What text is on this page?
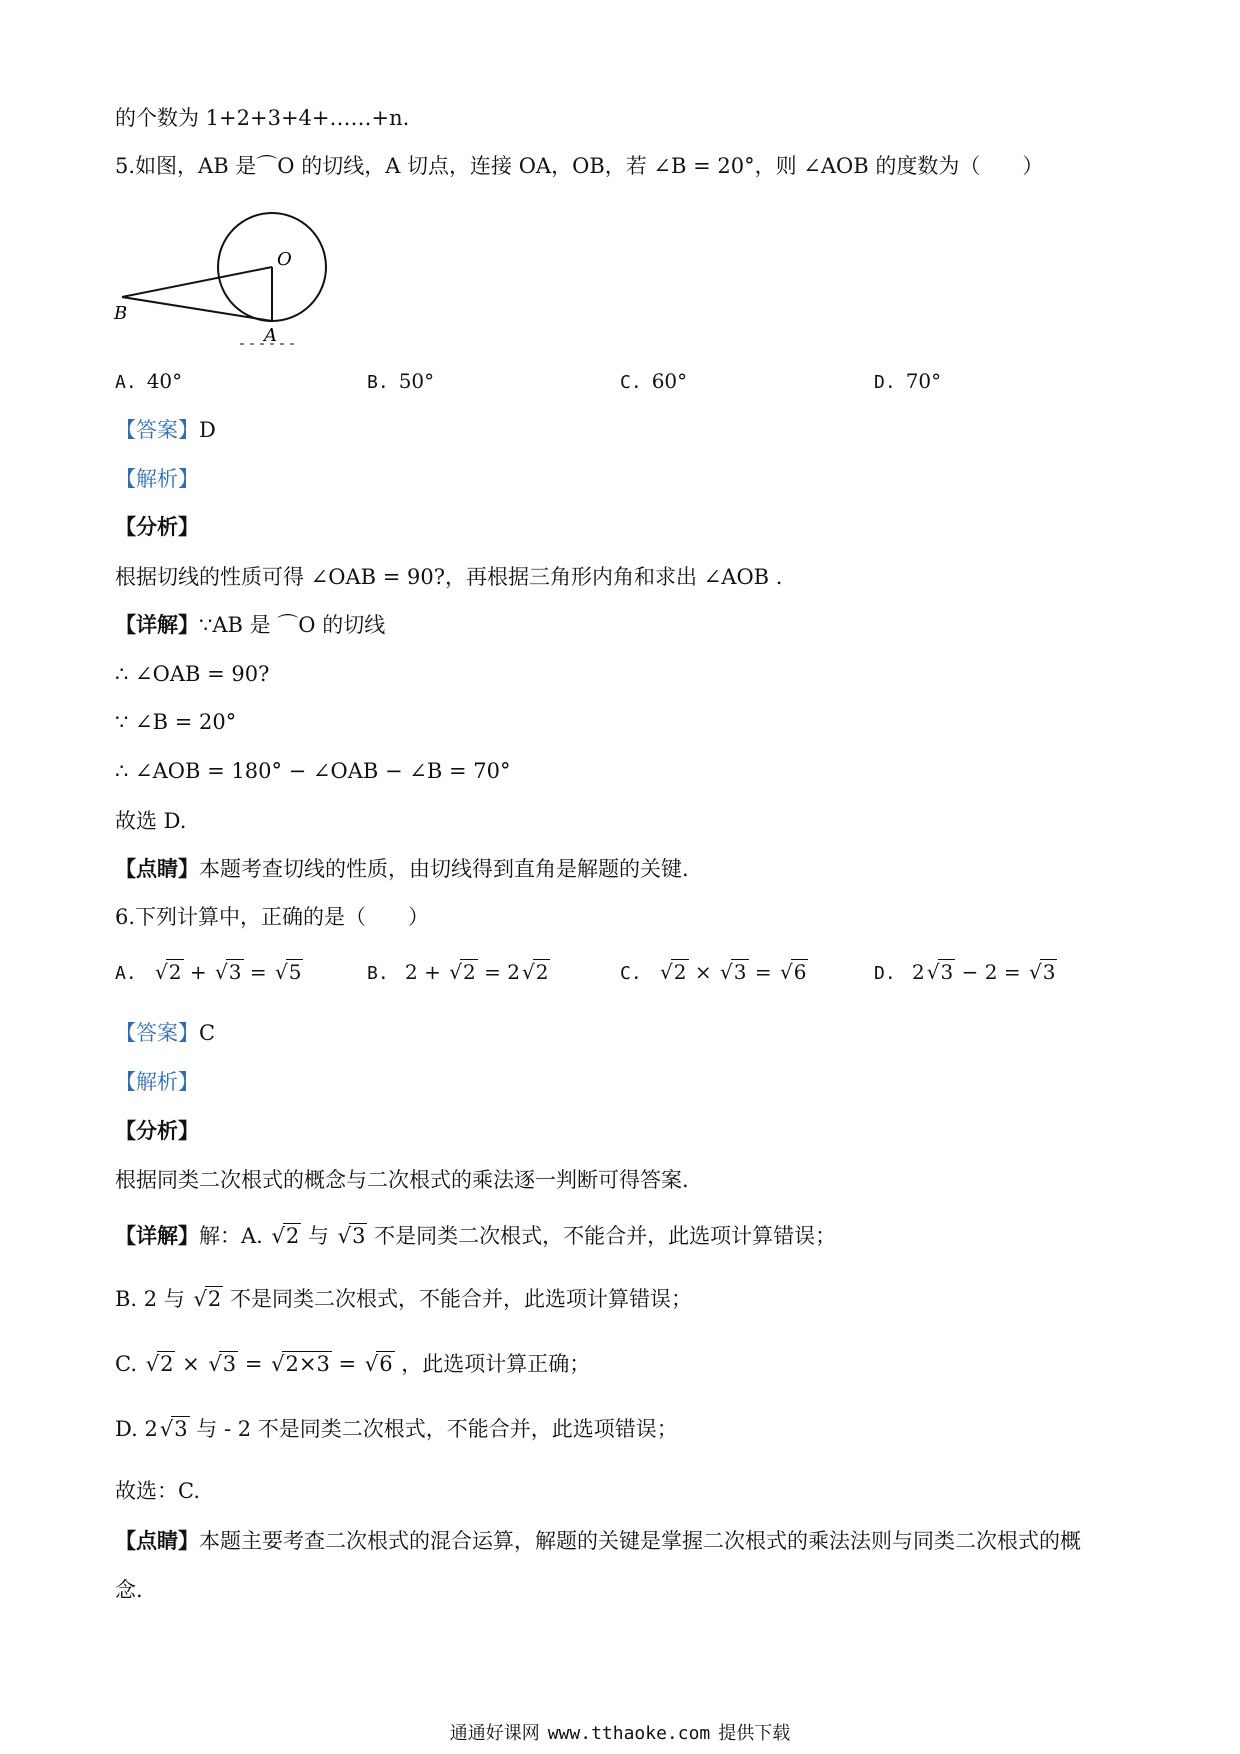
的个数为 1+2+3+4+……+n.
5.如图，AB 是⌒O 的切线，A 切点，连接 OA，OB，若 ∠B = 20°，则 ∠AOB 的度数为（　　）
O
A
B
A. 40°	B. 50°	C. 60°	D. 70°
【答案】D
【解析】
【分析】
根据切线的性质可得 ∠OAB = 90?，再根据三角形内角和求出 ∠AOB .
【详解】∵AB 是 ⌒O 的切线
∴ ∠OAB = 90?
∵ ∠B = 20°
∴ ∠AOB = 180° − ∠OAB − ∠B = 70°
故选 D.
【点睛】本题考查切线的性质，由切线得到直角是解题的关键.
6.下列计算中，正确的是（　　）
A. √ 2 + √ 3 = √ 5	B. 2 + √ 2 = 2 √ 2	C. √ 2 × √ 3 = √ 6	D. 2 √ 3 − 2 = √ 3
【答案】C
【解析】
【分析】
根据同类二次根式的概念与二次根式的乘法逐一判断可得答案.
【详解】解：A. √ 2 与 √ 3 不是同类二次根式，不能合并，此选项计算错误；
B. 2 与 √ 2 不是同类二次根式，不能合并，此选项计算错误；
C. √ 2 × √ 3 = √ 2×3 = √ 6 ，此选项计算正确；
D. 2 √ 3 与 - 2 不是同类二次根式，不能合并，此选项错误；
故选：C.
【点睛】本题主要考查二次根式的混合运算，解题的关键是掌握二次根式的乘法法则与同类二次根式的概
念.
通通好课网 www.tthaoke.com 提供下载
